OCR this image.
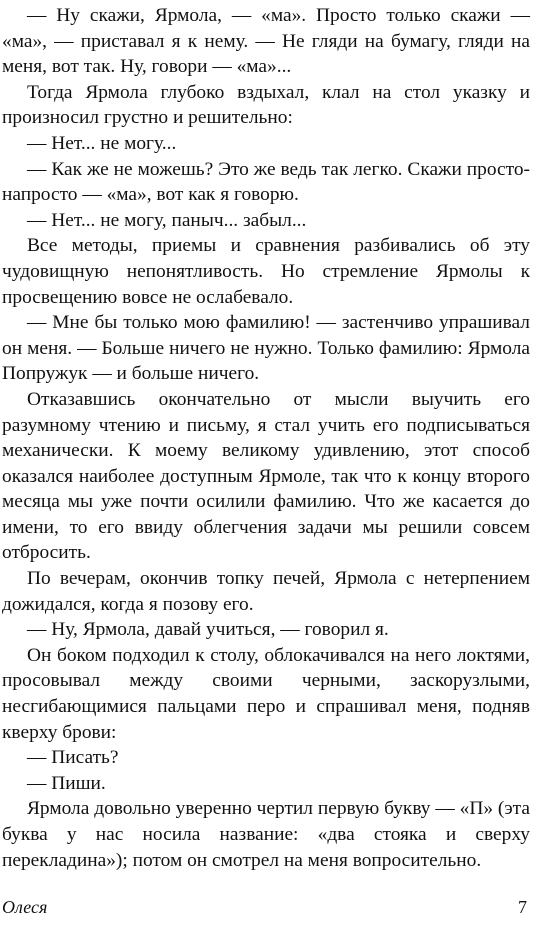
— Ну скажи, Ярмола, — «ма». Просто только скажи — «ма», — приставал я к нему. — Не гляди на бумагу, гляди на меня, вот так. Ну, говори — «ма»...

Тогда Ярмола глубоко вздыхал, клал на стол указку и произносил грустно и решительно:

— Нет... не могу...

— Как же не можешь? Это же ведь так легко. Скажи просто-напросто — «ма», вот как я говорю.

— Нет... не могу, паныч... забыл...

Все методы, приемы и сравнения разбивались об эту чудовищную непонятливость. Но стремление Ярмолы к просвещению вовсе не ослабевало.

— Мне бы только мою фамилию! — застенчиво упрашивал он меня. — Больше ничего не нужно. Только фамилию: Ярмола Попружук — и больше ничего.

Отказавшись окончательно от мысли выучить его разумному чтению и письму, я стал учить его подписываться механически. К моему великому удивлению, этот способ оказался наиболее доступным Ярмоле, так что к концу второго месяца мы уже почти осилили фамилию. Что же касается до имени, то его ввиду облегчения задачи мы решили совсем отбросить.

По вечерам, окончив топку печей, Ярмола с нетерпением дожидался, когда я позову его.

— Ну, Ярмола, давай учиться, — говорил я.

Он боком подходил к столу, облокачивался на него локтями, просовывал между своими черными, заскорузлыми, несгибающимися пальцами перо и спрашивал меня, подняв кверху брови:

— Писать?

— Пиши.

Ярмола довольно уверенно чертил первую букву — «П» (эта буква у нас носила название: «два стояка и сверху перекладина»); потом он смотрел на меня вопросительно.

Олеся	7
